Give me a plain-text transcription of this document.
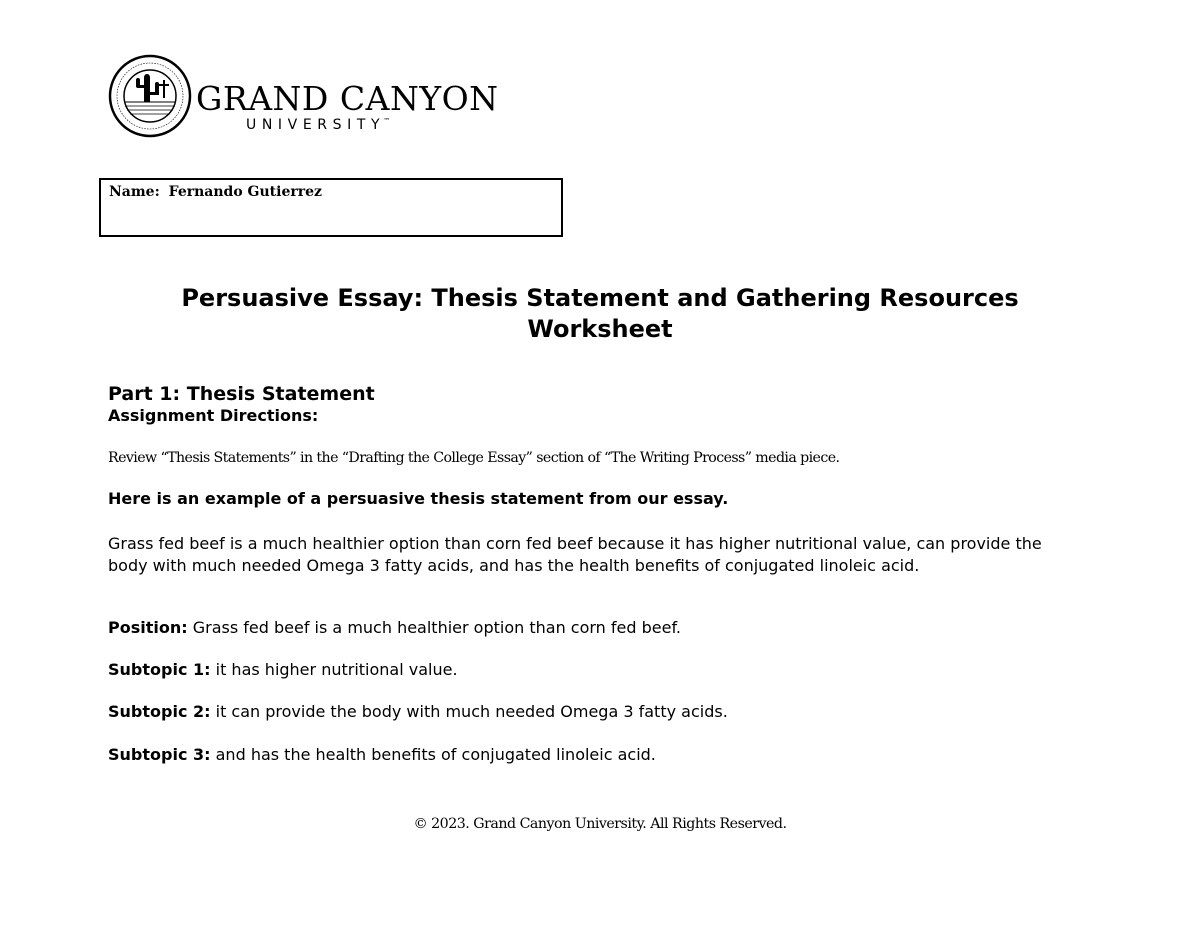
GRAND CANYON
UNIVERSITY™
Name: Fernando Gutierrez
Persuasive Essay: Thesis Statement and Gathering Resources
Worksheet
Part 1: Thesis Statement
Assignment Directions:
Review “Thesis Statements” in the “Drafting the College Essay” section of “The Writing Process” media piece.
Here is an example of a persuasive thesis statement from our essay.
Grass fed beef is a much healthier option than corn fed beef because it has higher nutritional value, can provide the body with much needed Omega 3 fatty acids, and has the health benefits of conjugated linoleic acid.
Position: Grass fed beef is a much healthier option than corn fed beef.
Subtopic 1: it has higher nutritional value.
Subtopic 2: it can provide the body with much needed Omega 3 fatty acids.
Subtopic 3: and has the health benefits of conjugated linoleic acid.
© 2023. Grand Canyon University. All Rights Reserved.
